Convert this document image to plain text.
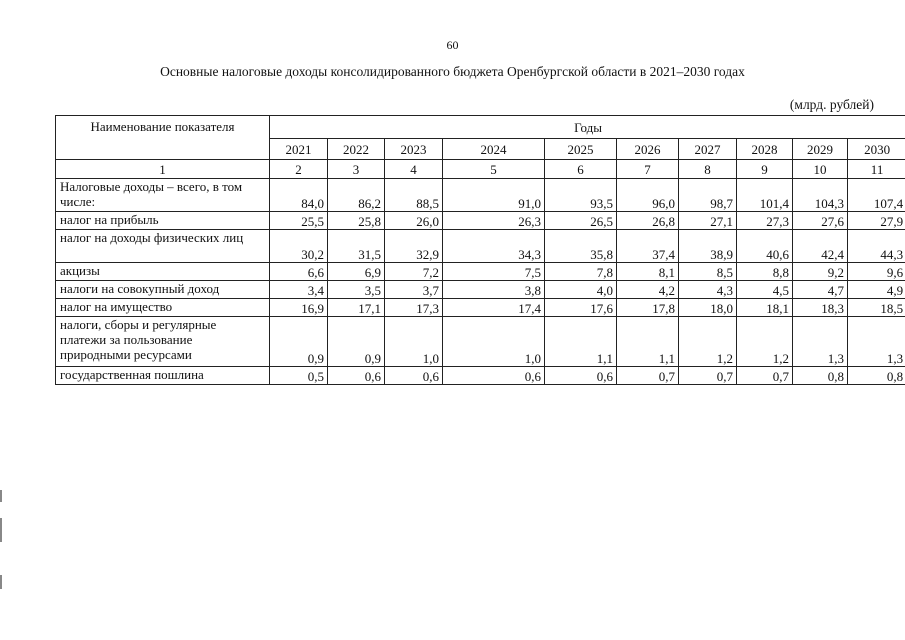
60
Основные налоговые доходы консолидированного бюджета Оренбургской области в 2021–2030 годах
(млрд. рублей)
Наименование показателя	Годы									
	2021	2022	2023	2024	2025	2026	2027	2028	2029	2030
1	2	3	4	5	6	7	8	9	10	11
Налоговые доходы – всего, в том числе:	84,0	86,2	88,5	91,0	93,5	96,0	98,7	101,4	104,3	107,4
налог на прибыль	25,5	25,8	26,0	26,3	26,5	26,8	27,1	27,3	27,6	27,9
налог на доходы физических лиц	30,2	31,5	32,9	34,3	35,8	37,4	38,9	40,6	42,4	44,3
акцизы	6,6	6,9	7,2	7,5	7,8	8,1	8,5	8,8	9,2	9,6
налоги на совокупный доход	3,4	3,5	3,7	3,8	4,0	4,2	4,3	4,5	4,7	4,9
налог на имущество	16,9	17,1	17,3	17,4	17,6	17,8	18,0	18,1	18,3	18,5
налоги, сборы и регулярные платежи за пользование природными ресурсами	0,9	0,9	1,0	1,0	1,1	1,1	1,2	1,2	1,3	1,3
государственная пошлина	0,5	0,6	0,6	0,6	0,6	0,7	0,7	0,7	0,8	0,8
